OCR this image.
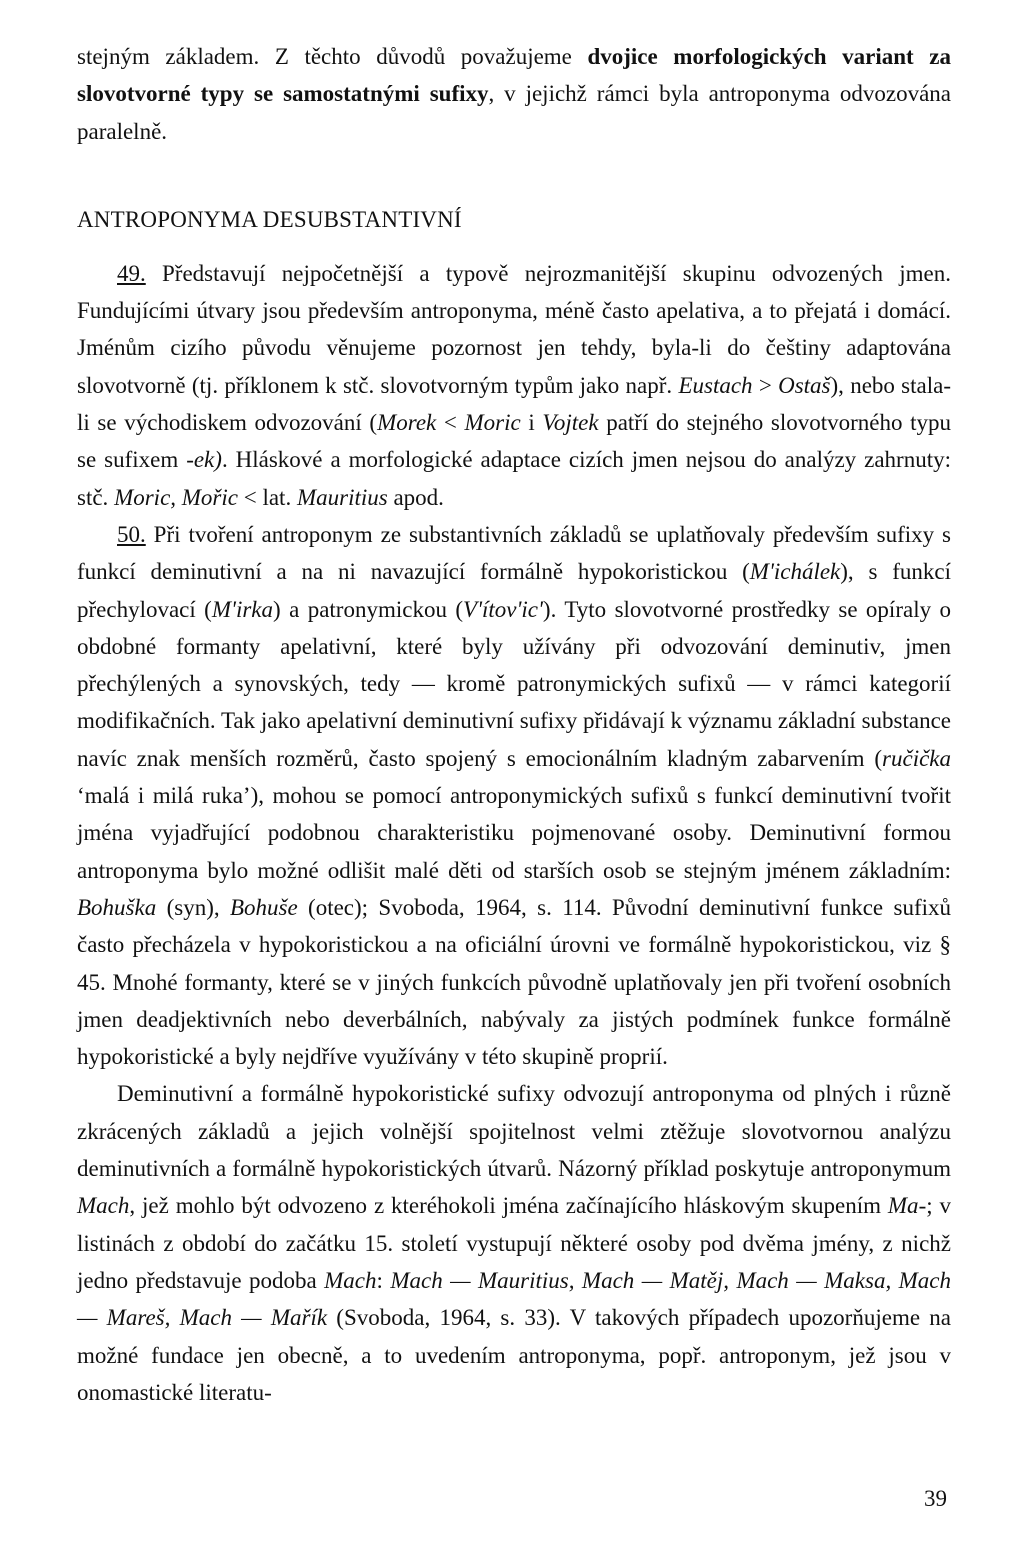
stejným základem. Z těchto důvodů považujeme dvojice morfologických variant za slovotvorné typy se samostatnými sufixy, v jejichž rámci byla antroponyma odvozována paralelně.

ANTROPONYMA DESUBSTANTIVNÍ

49. Představují nejpočetnější a typově nejrozmanitější skupinu odvozených jmen. Fundujícími útvary jsou především antroponyma, méně často apelativa, a to přejatá i domácí. Jménům cizího původu věnujeme pozornost jen tehdy, byla-li do češtiny adaptována slovotvorně (tj. příklonem k stč. slovotvorným typům jako např. Eustach > Ostaš), nebo stala-li se východiskem odvozování (Morek < Moric i Vojtek patří do stejného slovotvorného typu se sufixem -ek). Hláskové a morfologické adaptace cizích jmen nejsou do analýzy zahrnuty: stč. Moric, Mořic < lat. Mauritius apod.

50. Při tvoření antroponym ze substantivních základů se uplatňovaly především sufixy s funkcí deminutivní a na ni navazující formálně hypokoristickou (M'ichálek), s funkcí přechylovací (M'irka) a patronymickou (V'ítov'ic'). Tyto slovotvorné prostředky se opíraly o obdobné formanty apelativní, které byly užívány při odvozování deminutiv, jmen přechýlených a synovských, tedy — kromě patronymických sufixů — v rámci kategorií modifikačních. Tak jako apelativní deminutivní sufixy přidávají k významu základní substance navíc znak menších rozměrů, často spojený s emocionálním kladným zabarvením (ručička ‘malá i milá ruka’), mohou se pomocí antroponymických sufixů s funkcí deminutivní tvořit jména vyjadřující podobnou charakteristiku pojmenované osoby. Deminutivní formou antroponyma bylo možné odlišit malé děti od starších osob se stejným jménem základním: Bohuška (syn), Bohuše (otec); Svoboda, 1964, s. 114. Původní deminutivní funkce sufixů často přecházela v hypokoristickou a na oficiální úrovni ve formálně hypokoristickou, viz § 45. Mnohé formanty, které se v jiných funkcích původně uplatňovaly jen při tvoření osobních jmen deadjektivních nebo deverbálních, nabývaly za jistých podmínek funkce formálně hypokoristické a byly nejdříve využívány v této skupině proprií.

Deminutivní a formálně hypokoristické sufixy odvozují antroponyma od plných i různě zkrácených základů a jejich volnější spojitelnost velmi ztěžuje slovotvornou analýzu deminutivních a formálně hypokoristických útvarů. Názorný příklad poskytuje antroponymum Mach, jež mohlo být odvozeno z kteréhokoli jména začínajícího hláskovým skupením Ma-; v listinách z období do začátku 15. století vystupují některé osoby pod dvěma jmény, z nichž jedno představuje podoba Mach: Mach — Mauritius, Mach — Matěj, Mach — Maksa, Mach — Mareš, Mach — Mařík (Svoboda, 1964, s. 33). V takových případech upozorňujeme na možné fundace jen obecně, a to uvedením antroponyma, popř. antroponym, jež jsou v onomastické literatu-

39
